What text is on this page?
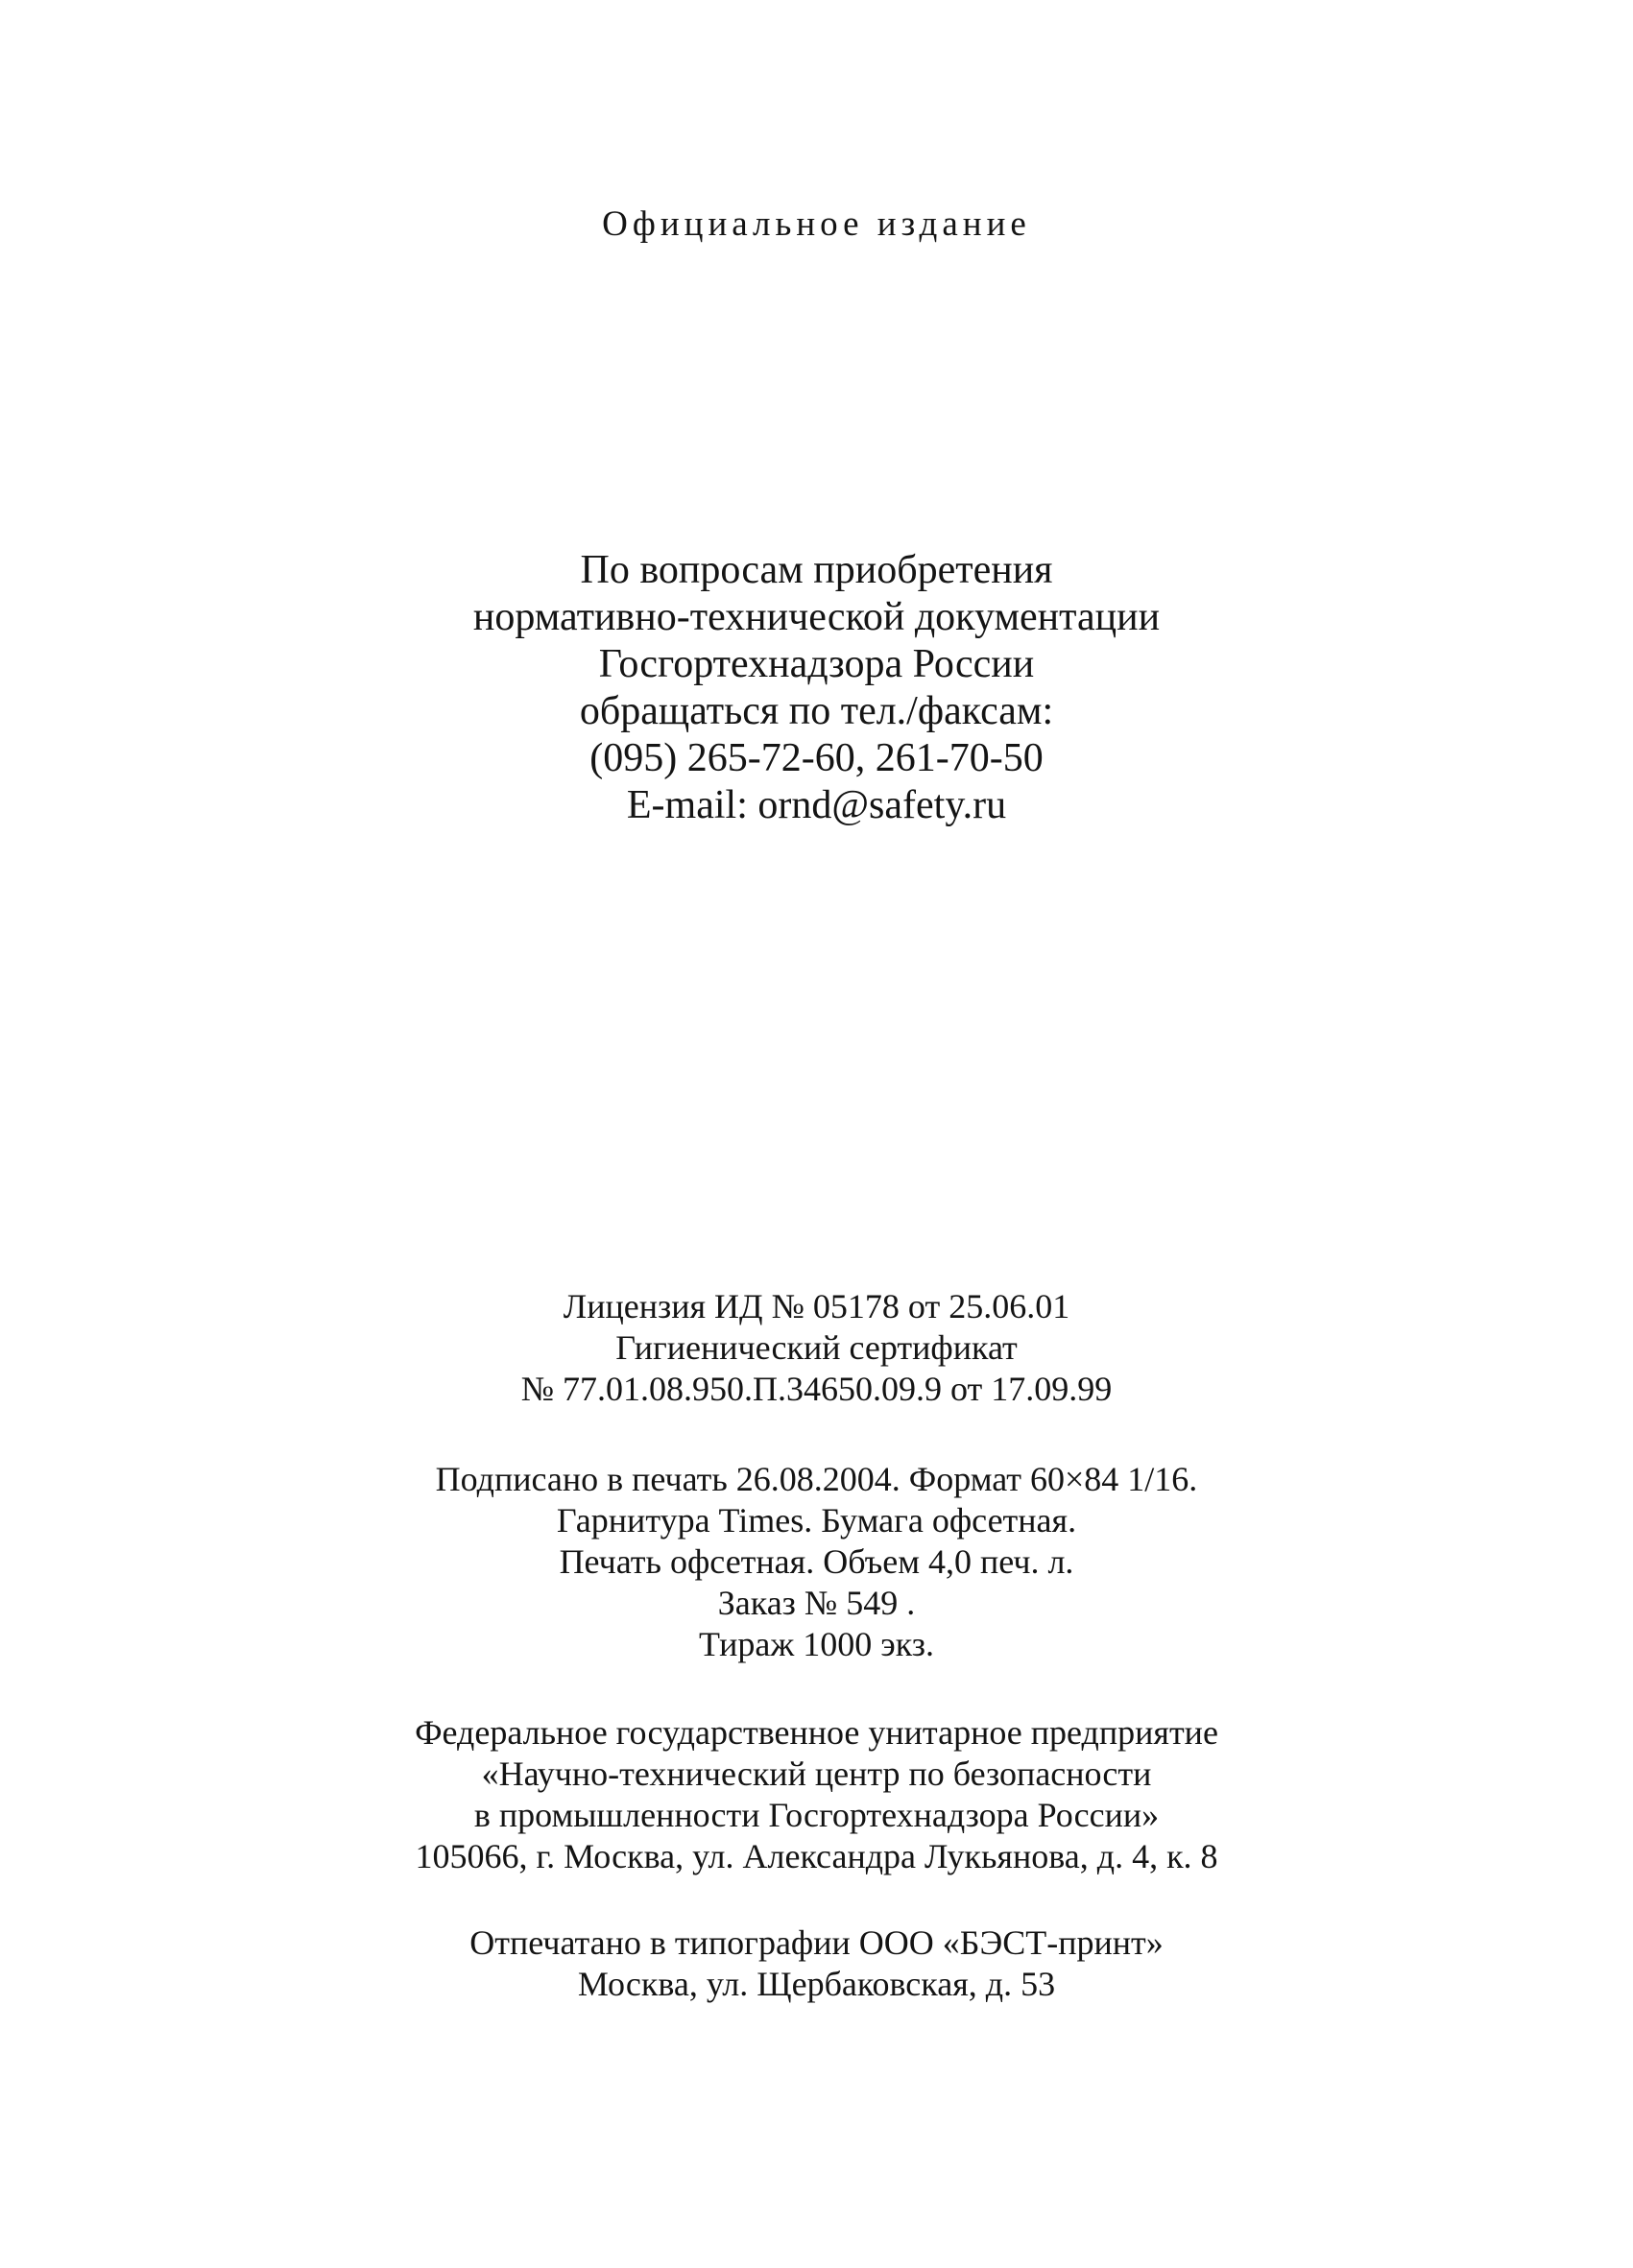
Официальное издание
По вопросам приобретения
нормативно-технической документации
Госгортехнадзора России
обращаться по тел./факсам:
(095) 265-72-60, 261-70-50
E-mail: ornd@safety.ru
Лицензия ИД № 05178 от 25.06.01
Гигиенический сертификат
№ 77.01.08.950.П.34650.09.9 от 17.09.99
Подписано в печать 26.08.2004. Формат 60×84 1/16.
Гарнитура Times. Бумага офсетная.
Печать офсетная. Объем 4,0 печ. л.
Заказ № 549 .
Тираж 1000 экз.
Федеральное государственное унитарное предприятие
«Научно-технический центр по безопасности
в промышленности Госгортехнадзора России»
105066, г. Москва, ул. Александра Лукьянова, д. 4, к. 8
Отпечатано в типографии ООО «БЭСТ-принт»
Москва, ул. Щербаковская, д. 53
